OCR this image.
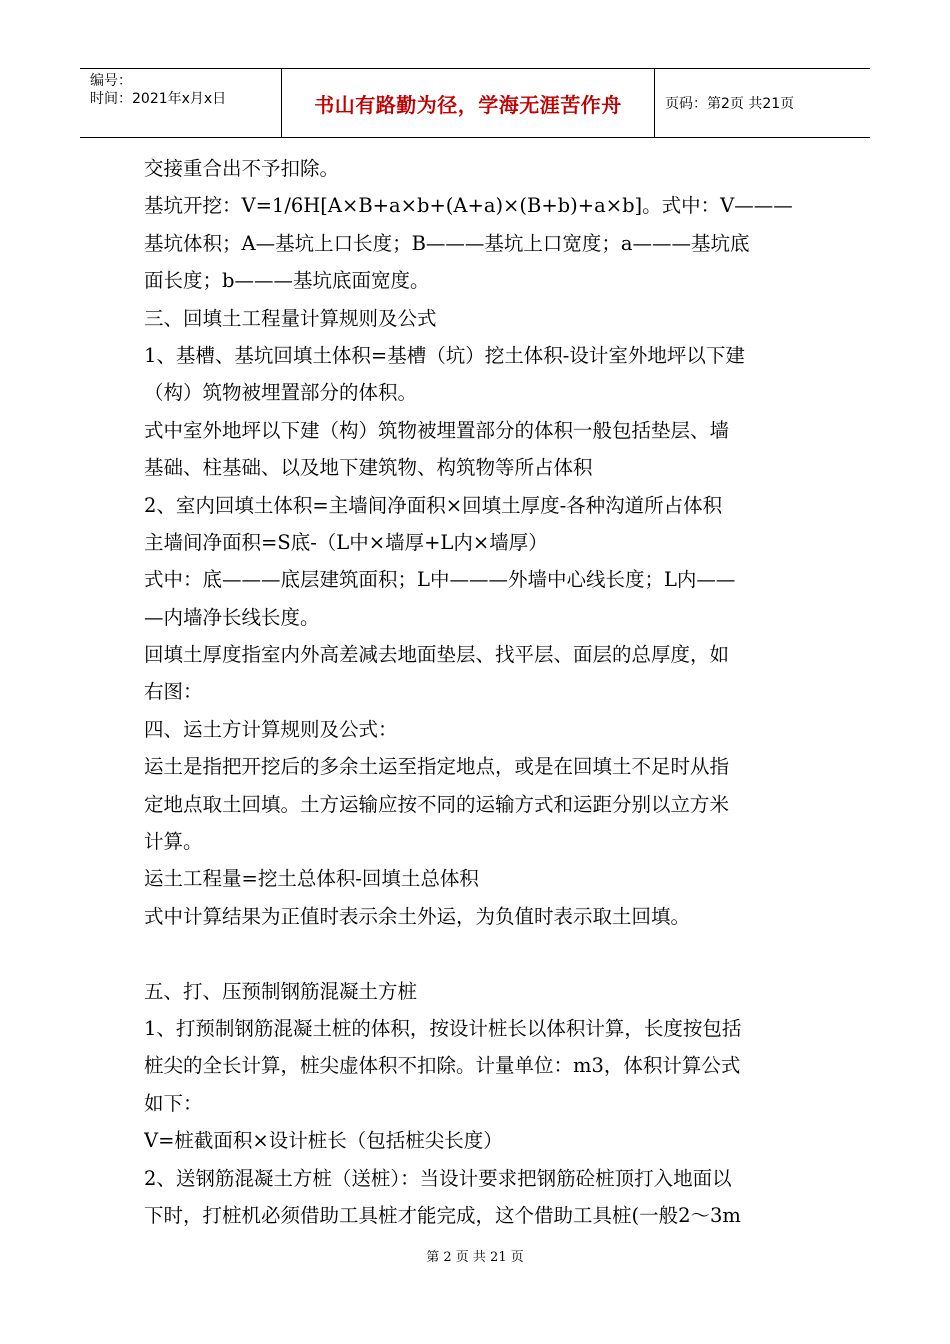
编号：
时间：2021年x月x日	书山有路勤为径，学海无涯苦作舟	页码：第2页 共21页
交接重合出不予扣除。
基坑开挖：V=1/6H[A×B+a×b+(A+a)×(B+b)+a×b]。式中：V———
基坑体积；A—基坑上口长度；B———基坑上口宽度；a———基坑底
面长度；b———基坑底面宽度。
三、回填土工程量计算规则及公式
1、基槽、基坑回填土体积=基槽（坑）挖土体积-设计室外地坪以下建
（构）筑物被埋置部分的体积。
式中室外地坪以下建（构）筑物被埋置部分的体积一般包括垫层、墙
基础、柱基础、以及地下建筑物、构筑物等所占体积
2、室内回填土体积=主墙间净面积×回填土厚度-各种沟道所占体积
主墙间净面积=S底-（L中×墙厚+L内×墙厚）
式中：底———底层建筑面积；L中———外墙中心线长度；L内——
—内墙净长线长度。
回填土厚度指室内外高差减去地面垫层、找平层、面层的总厚度，如
右图：
四、运土方计算规则及公式：
运土是指把开挖后的多余土运至指定地点，或是在回填土不足时从指
定地点取土回填。土方运输应按不同的运输方式和运距分别以立方米
计算。
运土工程量=挖土总体积-回填土总体积
式中计算结果为正值时表示余土外运，为负值时表示取土回填。
五、打、压预制钢筋混凝土方桩
1、打预制钢筋混凝土桩的体积，按设计桩长以体积计算，长度按包括
桩尖的全长计算，桩尖虚体积不扣除。计量单位：m3，体积计算公式
如下：
V=桩截面积×设计桩长（包括桩尖长度）
2、送钢筋混凝土方桩（送桩）：当设计要求把钢筋砼桩顶打入地面以
下时，打桩机必须借助工具桩才能完成，这个借助工具桩(一般2～3m
第 2 页 共 21 页
